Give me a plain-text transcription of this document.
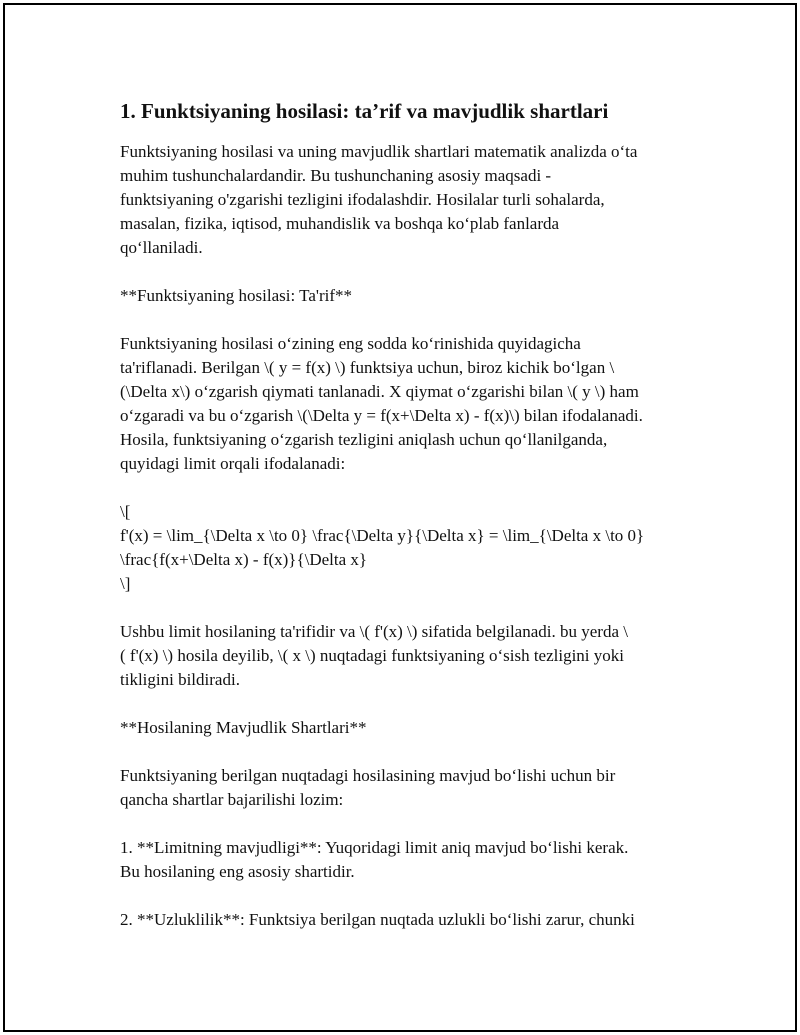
1. Funktsiyaning hosilasi: ta’rif va mavjudlik shartlari

Funktsiyaning hosilasi va uning mavjudlik shartlari matematik analizda o‘ta
muhim tushunchalardandir. Bu tushunchaning asosiy maqsadi -
funktsiyaning o'zgarishi tezligini ifodalashdir. Hosilalar turli sohalarda,
masalan, fizika, iqtisod, muhandislik va boshqa ko‘plab fanlarda
qo‘llaniladi.

**Funktsiyaning hosilasi: Ta'rif**

Funktsiyaning hosilasi o‘zining eng sodda ko‘rinishida quyidagicha
ta'riflanadi. Berilgan \( y = f(x) \) funktsiya uchun, biroz kichik bo‘lgan \
(\Delta x\) o‘zgarish qiymati tanlanadi. X qiymat o‘zgarishi bilan \( y \) ham
o‘zgaradi va bu o‘zgarish \(\Delta y = f(x+\Delta x) - f(x)\) bilan ifodalanadi.
Hosila, funktsiyaning o‘zgarish tezligini aniqlash uchun qo‘llanilganda,
quyidagi limit orqali ifodalanadi:

\[
f'(x) = \lim_{\Delta x \to 0} \frac{\Delta y}{\Delta x} = \lim_{\Delta x \to 0}
\frac{f(x+\Delta x) - f(x)}{\Delta x}
\]

Ushbu limit hosilaning ta'rifidir va \( f'(x) \) sifatida belgilanadi. bu yerda \
( f'(x) \) hosila deyilib, \( x \) nuqtadagi funktsiyaning o‘sish tezligini yoki
tikligini bildiradi.

**Hosilaning Mavjudlik Shartlari**

Funktsiyaning berilgan nuqtadagi hosilasining mavjud bo‘lishi uchun bir
qancha shartlar bajarilishi lozim:

1. **Limitning mavjudligi**: Yuqoridagi limit aniq mavjud bo‘lishi kerak.
Bu hosilaning eng asosiy shartidir.

2. **Uzluklilik**: Funktsiya berilgan nuqtada uzlukli bo‘lishi zarur, chunki
